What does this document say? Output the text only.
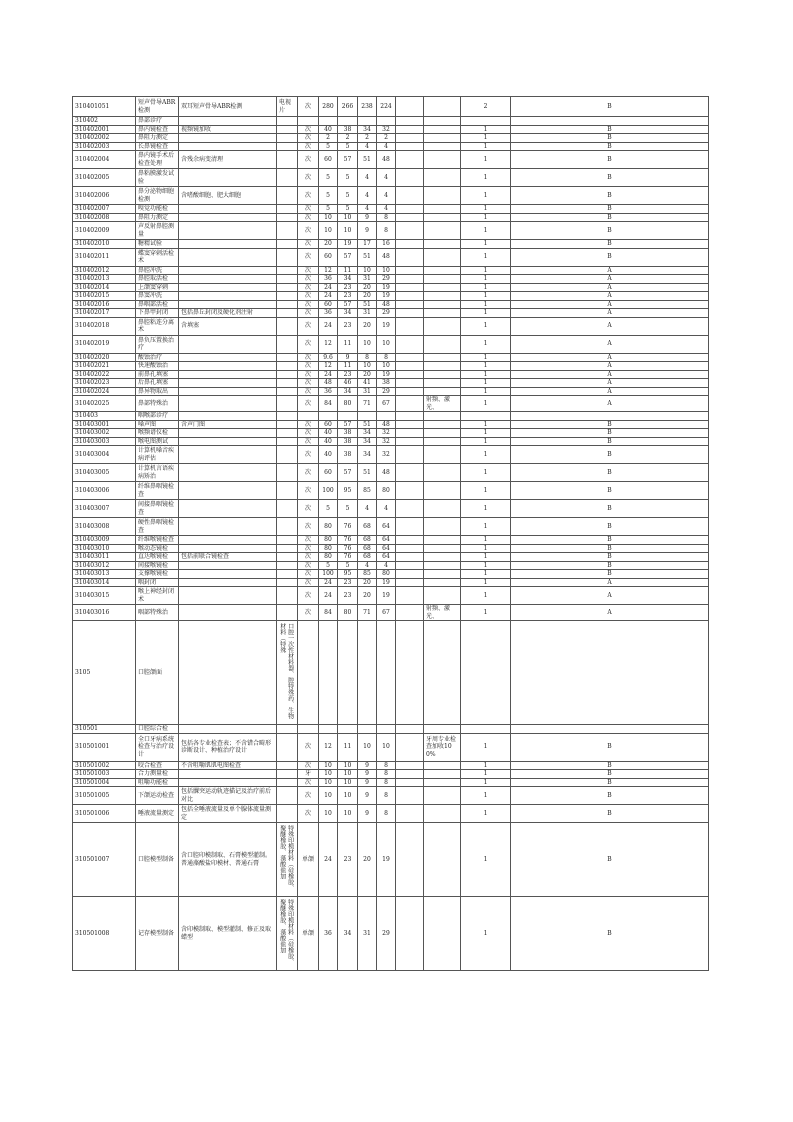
310401051	短声骨导ABR检测	双耳短声骨导ABR检测	电视片	次	280	266	238	224			2	B
310402	鼻部诊疗											
310402001	鼻内镜检查	视频镜加收		次	40	38	34	32			1	B
310402002	鼻阻力测定			次	2	2	2	2			1	B
310402003	长鼻镜检查			次	5	5	4	4			1	B
310402004	鼻内镜手术后检查处理	含残余病变清理		次	60	57	51	48			1	B
310402005	鼻粘膜激发试验			次	5	5	4	4			1	B
310402006	鼻分泌物细胞检测	含嗜酸细胞、肥大细胞		次	5	5	4	4			1	B
310402007	嗅觉功能检			次	5	5	4	4			1	B
310402008	鼻阻力测定			次	10	10	9	8			1	B
310402009	声反射鼻腔测量			次	10	10	9	8			1	B
310402010	糖精试验			次	20	19	17	16			1	B
310402011	蝶窦穿刺活检术			次	60	57	51	48			1	B
310402012	鼻腔冲洗			次	12	11	10	10			1	A
310402013	鼻腔取活检			次	36	34	31	29			1	A
310402014	上颌窦穿刺			次	24	23	20	19			1	A
310402015	鼻窦冲洗			次	24	23	20	19			1	A
310402016	鼻咽部活检			次	60	57	51	48			1	A
310402017	下鼻甲封闭	包括鼻丘封闭及硬化剂注射		次	36	34	31	29			1	A
310402018	鼻腔粘连分离术	含填塞		次	24	23	20	19			1	A
310402019	鼻负压置换治疗			次	12	11	10	10			1	A
310402020	酸蚀治疗			次	9.6	9	8	8			1	A
310402021	快速酸蚀治			次	12	11	10	10			1	A
310402022	前鼻孔填塞			次	24	23	20	19			1	A
310402023	后鼻孔填塞			次	48	46	41	38			1	A
310402024	鼻异物取出			次	36	34	31	29			1	A
310402025	鼻部特殊治			次	84	80	71	67		射频、激光、	1	A
310403	咽喉部诊疗											
310403001	嗓声图	含声门图		次	60	57	51	48			1	B
310403002	喉频谱仪检			次	40	38	34	32			1	B
310403003	喉电图测试			次	40	38	34	32			1	B
310403004	计算机嗓音疾病评估			次	40	38	34	32			1	B
310403005	计算机言语疾病矫治			次	60	57	51	48			1	B
310403006	纤维鼻咽镜检查			次	100	95	85	80			1	B
310403007	间接鼻咽镜检查			次	5	5	4	4			1	B
310403008	硬性鼻咽镜检查			次	80	76	68	64			1	B
310403009	纤维喉镜检查			次	80	76	68	64			1	B
310403010	喉动态镜检			次	80	76	68	64			1	B
310403011	直达喉镜检	包括前联合镜检查		次	80	76	68	64			1	B
310403012	间接喉镜检			次	5	5	4	4			1	B
310403013	支撑喉镜检			次	100	95	85	80			1	B
310403014	咽封闭			次	24	23	20	19			1	A
310403015	喉上神经封闭术			次	24	23	20	19			1	A
310403016	咽部特殊治			次	84	80	71	67		射频、激光、	1	A
3105	口腔颌面		口腔一次性材料器、腔特殊药、生物材料（特殊									

310501	口腔综合检											
310501001	全口牙病系统检查与治疗设计	包括各专业检查表；不含错合畸形诊断设计、种植治疗设计		次	12	11	10	10		牙周专业检查加收100%	1	B
310501002	咬合检查	不含咀嚼肌肌电图检查		次	10	10	9	8			1	B
310501003	合力测量检			牙	10	10	9	8			1	B
310501004	咀嚼功能检			次	10	10	9	8			1	B
310501005	下颌运动检查	包括髁突运动轨迹描记及治疗前后对比		次	10	10	9	8			1	B
310501006	唾液流量测定	包括全唾液流量及单个腺体流量测定		次	10	10	9	8			1	B
310501007	口腔模型制备	含口腔印模制取、石膏模型灌制。普通藻酸盐印模材、普通石膏	特殊印模材料（硅橡胶、聚醚橡胶、藻酸盐加	单颌	24	23	20	19			1	B
310501008	记存模型制备	含印模制取、模型灌制、修正及取蜡型	特殊印模材料（硅橡胶、聚醚橡胶、藻酸盐加	单颌	36	34	31	29			1	B
